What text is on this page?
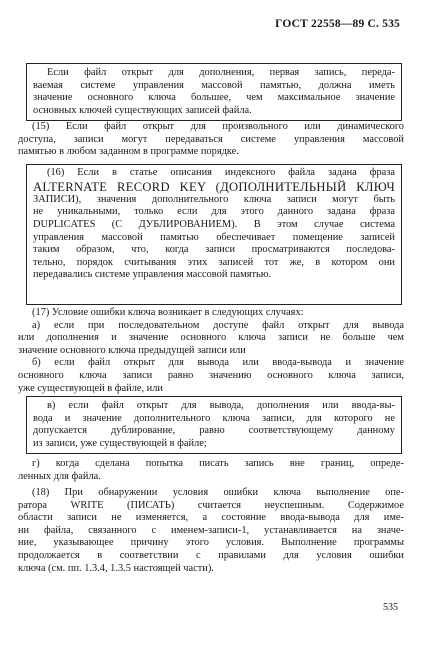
ГОСТ 22558—89 С. 535
Если файл открыт для дополнения, первая запись, переда-
ваемая системе управления массовой памятью, должна иметь
значение основного ключа большее, чем максимальное значение
основных ключей существующих записей файла.
(15) Если файл открыт для произвольного или динамического
доступа, записи могут передаваться системе управления массовой
памятью в любом заданном в программе порядке.
(16) Если в статье описания индексного файла задана фраза
ALTERNATE RECORD KEY (ДОПОЛНИТЕЛЬНЫЙ КЛЮЧ
ЗАПИСИ), значения дополнительного ключа записи могут быть
не уникальными, только если для этого данного задана фраза
DUPLICATES (С ДУБЛИРОВАНИЕМ). В этом случае система
управления массовой памятью обеспечивает помещение записей
таким образом, что, когда записи просматриваются последова-
тельно, порядок считывания этих записей тот же, в котором они
передавались системе управления массовой памятью.
(17) Условие ошибки ключа возникает в следующих случаях:
а) если при последовательном доступе файл открыт для вывода
или дополнения и значение основного ключа записи не больше чем
значение основного ключа предыдущей записи или
б) если файл открыт для вывода или ввода-вывода и значение
основного ключа записи равно значению основного ключа записи,
уже существующей в файле, или
в) если файл открыт для вывода, дополнения или ввода-вы-
вода и значение дополнительного ключа записи, для которого не
допускается дублирование, равно соответствующему данному
из записи, уже существующей в файле;
г) когда сделана попытка писать запись вне границ, опреде-
ленных для файла.
(18) При обнаружении условия ошибки ключа выполнение опе-
ратора WRITE (ПИСАТЬ) считается неуспешным. Содержимое
области записи не изменяется, а состояние ввода-вывода для име-
ни файла, связанного с именем-записи-1, устанавливается на значе-
ние, указывающее причину этого условия. Выполнение программы
продолжается в соответствии с правилами для условия ошибки
ключа (см. пп. 1.3.4, 1.3.5 настоящей части).
535
